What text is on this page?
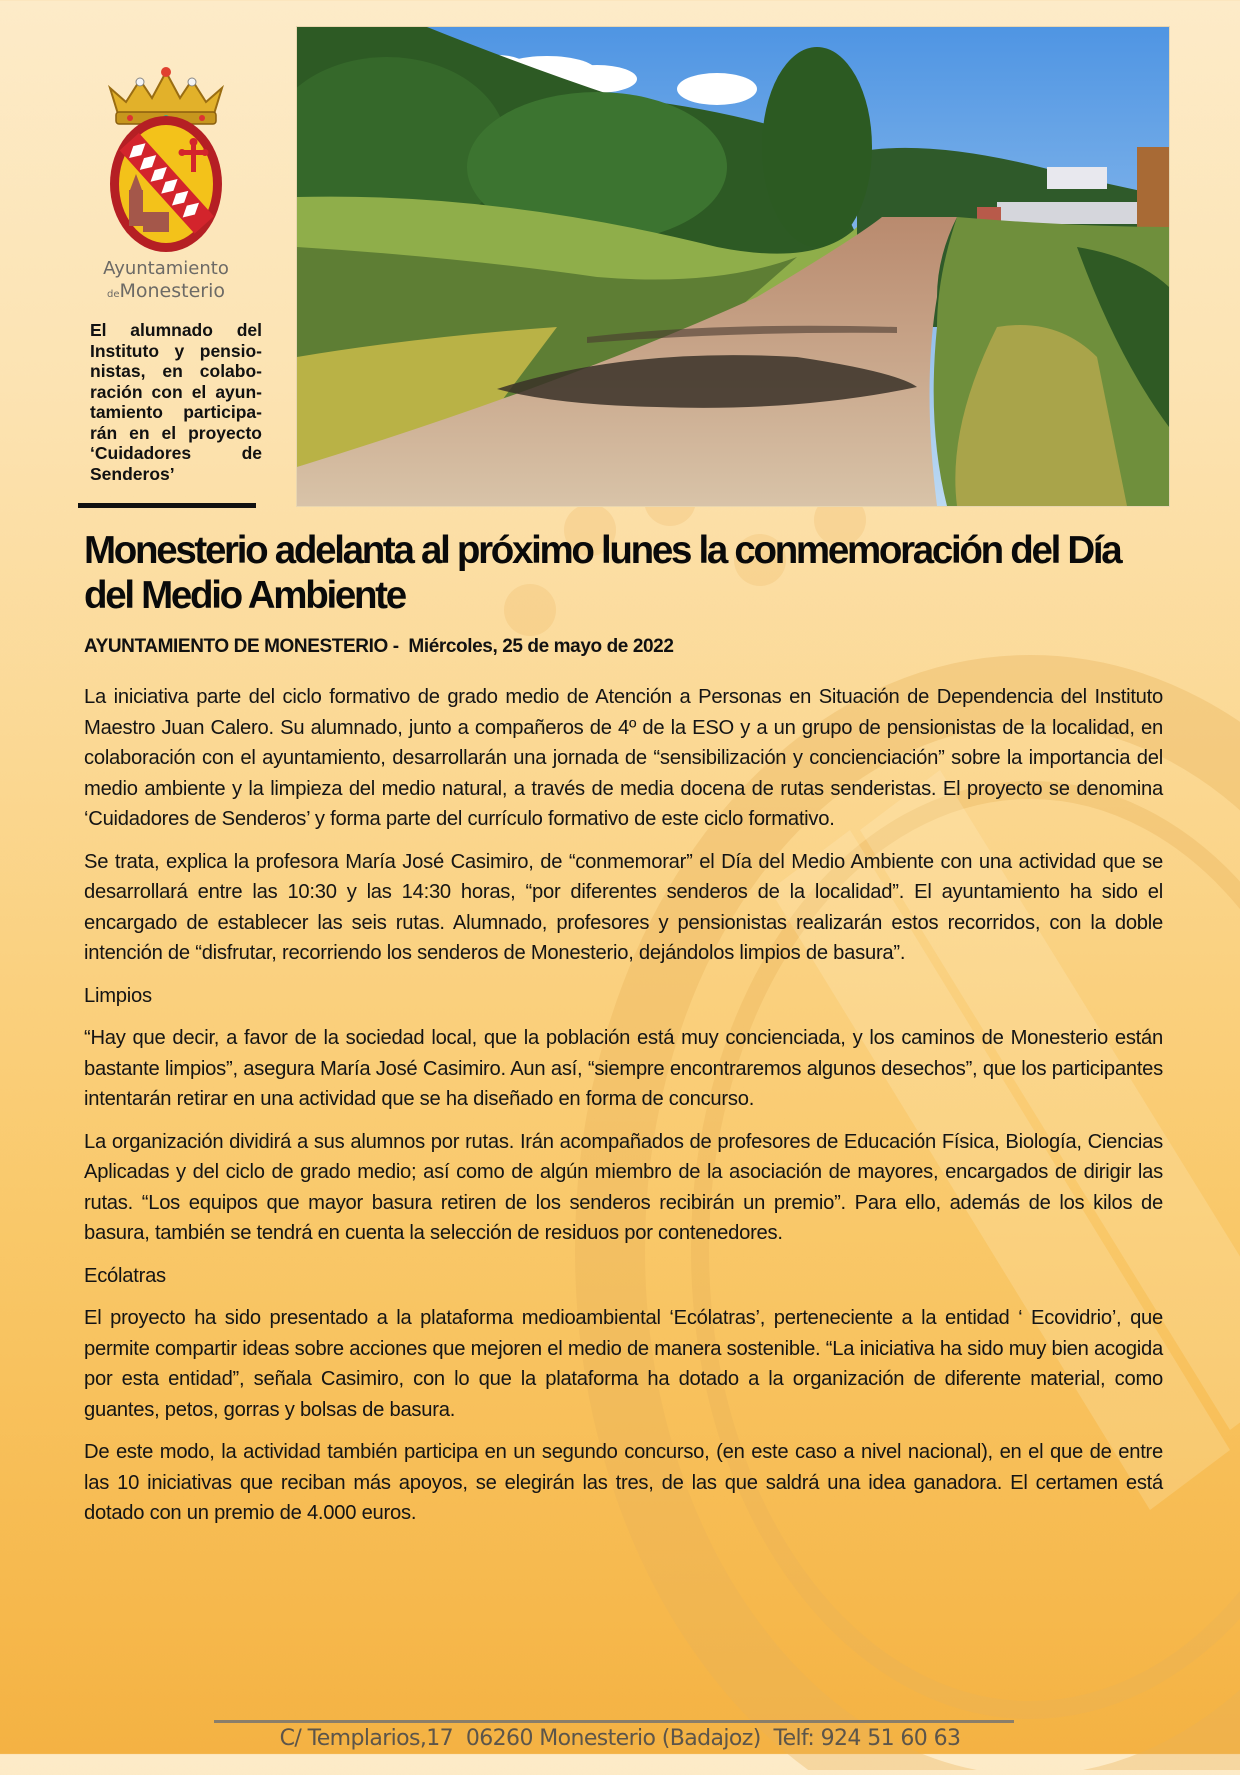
Ayuntamiento
deMonesterio
El alumnado del Instituto y pensionistas, en colaboración con el ayuntamiento participarán en el proyecto ‘Cuidadores de Senderos’
Monesterio adelanta al próximo lunes la conmemoración del Día del Medio Ambiente
AYUNTAMIENTO DE MONESTERIO -  Miércoles, 25 de mayo de 2022

La iniciativa parte del ciclo formativo de grado medio de Atención a Personas en Situación de Dependencia del Instituto Maestro Juan Calero. Su alumnado, junto a compañeros de 4º de la ESO y a un grupo de pensionistas de la localidad, en colaboración con el ayuntamiento, desarrollarán una jornada de “sensibilización y concienciación” sobre la importancia del medio ambiente y la limpieza del medio natural, a través de media docena de rutas senderistas. El proyecto se denomina ‘Cuidadores de Senderos’ y forma parte del currículo formativo de este ciclo formativo.

Se trata, explica la profesora María José Casimiro, de “conmemorar” el Día del Medio Ambiente con una actividad que se desarrollará entre las 10:30 y las 14:30 horas, “por diferentes senderos de la localidad”. El ayuntamiento ha sido el encargado de establecer las seis rutas. Alumnado, profesores y pensionistas realizarán estos recorridos, con la doble intención de “disfrutar, recorriendo los senderos de Monesterio, dejándolos limpios de basura”.

Limpios

“Hay que decir, a favor de la sociedad local, que la población está muy concienciada, y los caminos de Monesterio están bastante limpios”, asegura María José Casimiro. Aun así, “siempre encontraremos algunos desechos”, que los participantes intentarán retirar en una actividad que se ha diseñado en forma de concurso.

La organización dividirá a sus alumnos por rutas. Irán acompañados de profesores de Educación Física, Biología, Ciencias Aplicadas y del ciclo de grado medio; así como de algún miembro de la asociación de mayores, encargados de dirigir las rutas. “Los equipos que mayor basura retiren de los senderos recibirán un premio”. Para ello, además de los kilos de basura, también se tendrá en cuenta la selección de residuos por contenedores.

Ecólatras

El proyecto ha sido presentado a la plataforma medioambiental ‘Ecólatras’, perteneciente a la entidad ‘ Ecovidrio’, que permite compartir ideas sobre acciones que mejoren el medio de manera sostenible. “La iniciativa ha sido muy bien acogida por esta entidad”, señala Casimiro, con lo que la plataforma ha dotado a la organización de diferente material, como guantes, petos, gorras y bolsas de basura.

De este modo, la actividad también participa en un segundo concurso, (en este caso a nivel nacional), en el que de entre las 10 iniciativas que reciban más apoyos, se elegirán las tres, de las que saldrá una idea ganadora. El certamen está dotado con un premio de 4.000 euros.

C/ Templarios,17  06260 Monesterio (Badajoz)  Telf: 924 51 60 63
